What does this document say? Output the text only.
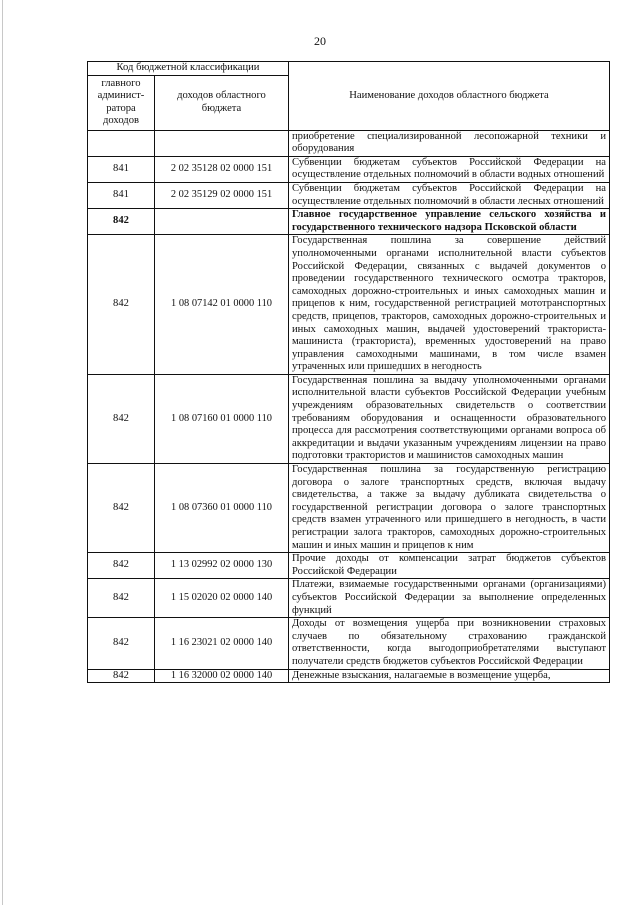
20
Код бюджетной классификации		Наименование доходов областного бюджета
главного админист-ратора доходов	доходов областного бюджета	
		приобретение специализированной лесопожарной техники и оборудования
841	2 02 35128 02 0000 151	Субвенции бюджетам субъектов Российской Федерации на осуществление отдельных полномочий в области водных отношений
841	2 02 35129 02 0000 151	Субвенции бюджетам субъектов Российской Федерации на осуществление отдельных полномочий в области лесных отношений
842		Главное государственное управление сельского хозяйства и государственного технического надзора Псковской области
842	1 08 07142 01 0000 110	Государственная пошлина за совершение действий уполномоченными органами исполнительной власти субъектов Российской Федерации, связанных с выдачей документов о проведении государственного технического осмотра тракторов, самоходных дорожно-строительных и иных самоходных машин и прицепов к ним, государственной регистрацией мототранспортных средств, прицепов, тракторов, самоходных дорожно-строительных и иных самоходных машин, выдачей удостоверений тракториста-машиниста (тракториста), временных удостоверений на право управления самоходными машинами, в том числе взамен утраченных или пришедших в негодность
842	1 08 07160 01 0000 110	Государственная пошлина за выдачу уполномоченными органами исполнительной власти субъектов Российской Федерации учебным учреждениям образовательных свидетельств о соответствии требованиям оборудования и оснащенности образовательного процесса для рассмотрения соответствующими органами вопроса об аккредитации и выдачи указанным учреждениям лицензии на право подготовки трактористов и машинистов самоходных машин
842	1 08 07360 01 0000 110	Государственная пошлина за государственную регистрацию договора о залоге транспортных средств, включая выдачу свидетельства, а также за выдачу дубликата свидетельства о государственной регистрации договора о залоге транспортных средств взамен утраченного или пришедшего в негодность, в части регистрации залога тракторов, самоходных дорожно-строительных машин и иных машин и прицепов к ним
842	1 13 02992 02 0000 130	Прочие доходы от компенсации затрат бюджетов субъектов Российской Федерации
842	1 15 02020 02 0000 140	Платежи, взимаемые государственными органами (организациями) субъектов Российской Федерации за выполнение определенных функций
842	1 16 23021 02 0000 140	Доходы от возмещения ущерба при возникновении страховых случаев по обязательному страхованию гражданской ответственности, когда выгодоприобретателями выступают получатели средств бюджетов субъектов Российской Федерации
842	1 16 32000 02 0000 140	Денежные взыскания, налагаемые в возмещение ущерба,
